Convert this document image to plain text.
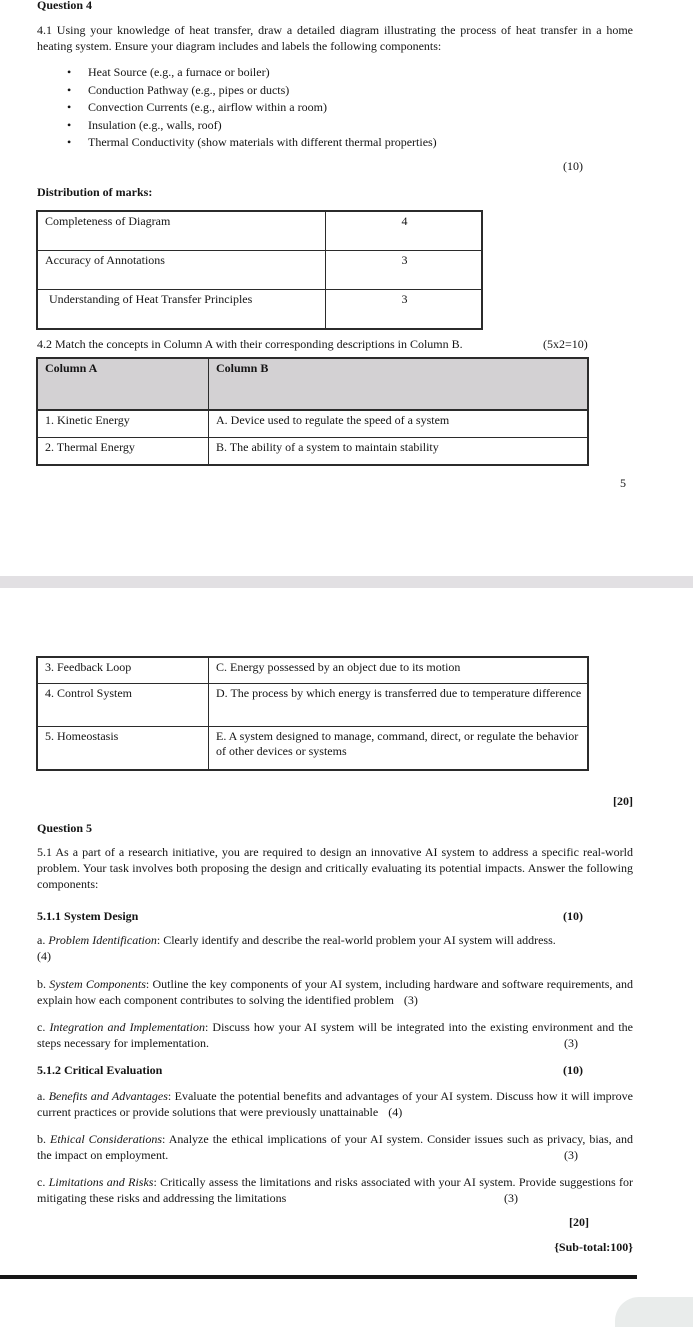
Question 4
4.1 Using your knowledge of heat transfer, draw a detailed diagram illustrating the process of heat transfer in a home heating system. Ensure your diagram includes and labels the following components:
• Heat Source (e.g., a furnace or boiler)
• Conduction Pathway (e.g., pipes or ducts)
• Convection Currents (e.g., airflow within a room)
• Insulation (e.g., walls, roof)
• Thermal Conductivity (show materials with different thermal properties)
(10)
Distribution of marks:
Completeness of Diagram	4
Accuracy of Annotations	3
Understanding of Heat Transfer Principles	3
4.2 Match the concepts in Column A with their corresponding descriptions in Column B.	(5x2=10)
Column A	Column B
1. Kinetic Energy	A. Device used to regulate the speed of a system
2. Thermal Energy	B. The ability of a system to maintain stability
5
3. Feedback Loop	C. Energy possessed by an object due to its motion
4. Control System	D. The process by which energy is transferred due to temperature difference
5. Homeostasis	E. A system designed to manage, command, direct, or regulate the behavior of other devices or systems
[20]
Question 5
5.1 As a part of a research initiative, you are required to design an innovative AI system to address a specific real-world problem. Your task involves both proposing the design and critically evaluating its potential impacts. Answer the following components:
(10)
5.1.1 System Design
a. Problem Identification: Clearly identify and describe the real-world problem your AI system will address.
(4)
b. System Components: Outline the key components of your AI system, including hardware and software requirements, and explain how each component contributes to solving the identified problem (3)
c. Integration and Implementation: Discuss how your AI system will be integrated into the existing environment and the steps necessary for implementation.	(3)
(10)
5.1.2 Critical Evaluation
a. Benefits and Advantages: Evaluate the potential benefits and advantages of your AI system. Discuss how it will improve current practices or provide solutions that were previously unattainable (4)
b. Ethical Considerations: Analyze the ethical implications of your AI system. Consider issues such as privacy, bias, and the impact on employment.	(3)
c. Limitations and Risks: Critically assess the limitations and risks associated with your AI system. Provide suggestions for mitigating these risks and addressing the limitations	(3)
[20]
{Sub-total:100}
